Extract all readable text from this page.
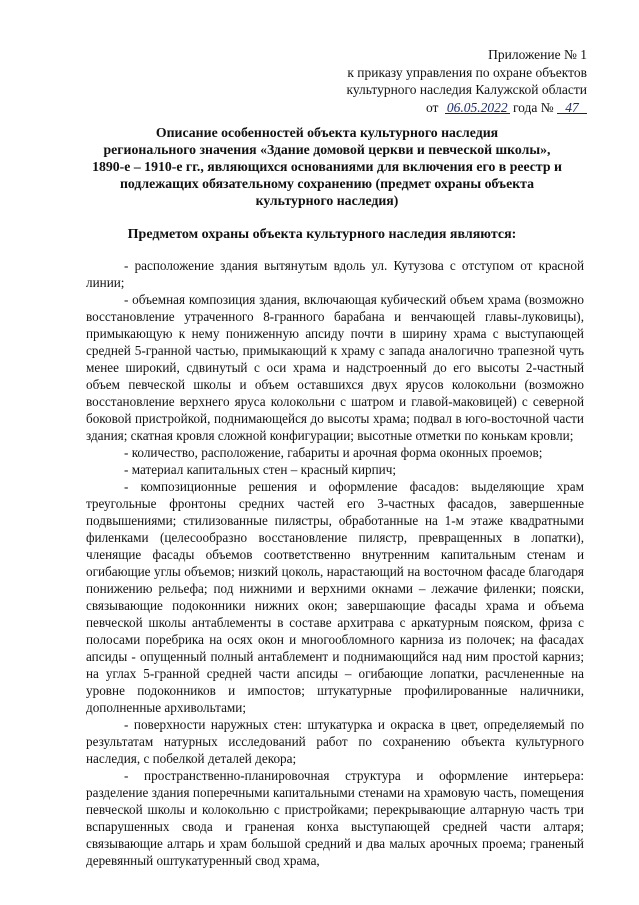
Приложение № 1
к приказу управления по охране объектов
культурного наследия Калужской области
от 06.05.2022 года № 47
Описание особенностей объекта культурного наследия
регионального значения «Здание домовой церкви и певческой школы»,
1890-е – 1910-е гг., являющихся основаниями для включения его в реестр и
подлежащих обязательному сохранению (предмет охраны объекта
культурного наследия)
Предметом охраны объекта культурного наследия являются:

- расположение здания вытянутым вдоль ул. Кутузова с отступом от красной линии;

- объемная композиция здания, включающая кубический объем храма (возможно восстановление утраченного 8-гранного барабана и венчающей главы-луковицы), примыкающую к нему пониженную апсиду почти в ширину храма с выступающей средней 5-гранной частью, примыкающий к храму с запада аналогично трапезной чуть менее широкий, сдвинутый с оси храма и надстроенный до его высоты 2-частный объем певческой школы и объем оставшихся двух ярусов колокольни (возможно восстановление верхнего яруса колокольни с шатром и главой-маковицей) с северной боковой пристройкой, поднимающейся до высоты храма; подвал в юго-восточной части здания; скатная кровля сложной конфигурации; высотные отметки по конькам кровли;

- количество, расположение, габариты и арочная форма оконных проемов;

- материал капитальных стен – красный кирпич;

- композиционные решения и оформление фасадов: выделяющие храм треугольные фронтоны средних частей его 3-частных фасадов, завершенные подвышениями; стилизованные пилястры, обработанные на 1-м этаже квадратными филенками (целесообразно восстановление пилястр, превращенных в лопатки), членящие фасады объемов соответственно внутренним капитальным стенам и огибающие углы объемов; низкий цоколь, нарастающий на восточном фасаде благодаря понижению рельефа; под нижними и верхними окнами – лежачие филенки; пояски, связывающие подоконники нижних окон; завершающие фасады храма и объема певческой школы антаблементы в составе архитрава с аркатурным пояском, фриза с полосами поребрика на осях окон и многообломного карниза из полочек; на фасадах апсиды - опущенный полный антаблемент и поднимающийся над ним простой карниз; на углах 5-гранной средней части апсиды – огибающие лопатки, расчлененные на уровне подоконников и импостов; штукатурные профилированные наличники, дополненные архивольтами;

- поверхности наружных стен: штукатурка и окраска в цвет, определяемый по результатам натурных исследований работ по сохранению объекта культурного наследия, с побелкой деталей декора;

- пространственно-планировочная структура и оформление интерьера: разделение здания поперечными капитальными стенами на храмовую часть, помещения певческой школы и колокольню с пристройками; перекрывающие алтарную часть три вспарушенных свода и граненая конха выступающей средней части алтаря; связывающие алтарь и храм большой средний и два малых арочных проема; граненый деревянный оштукатуренный свод храма,
